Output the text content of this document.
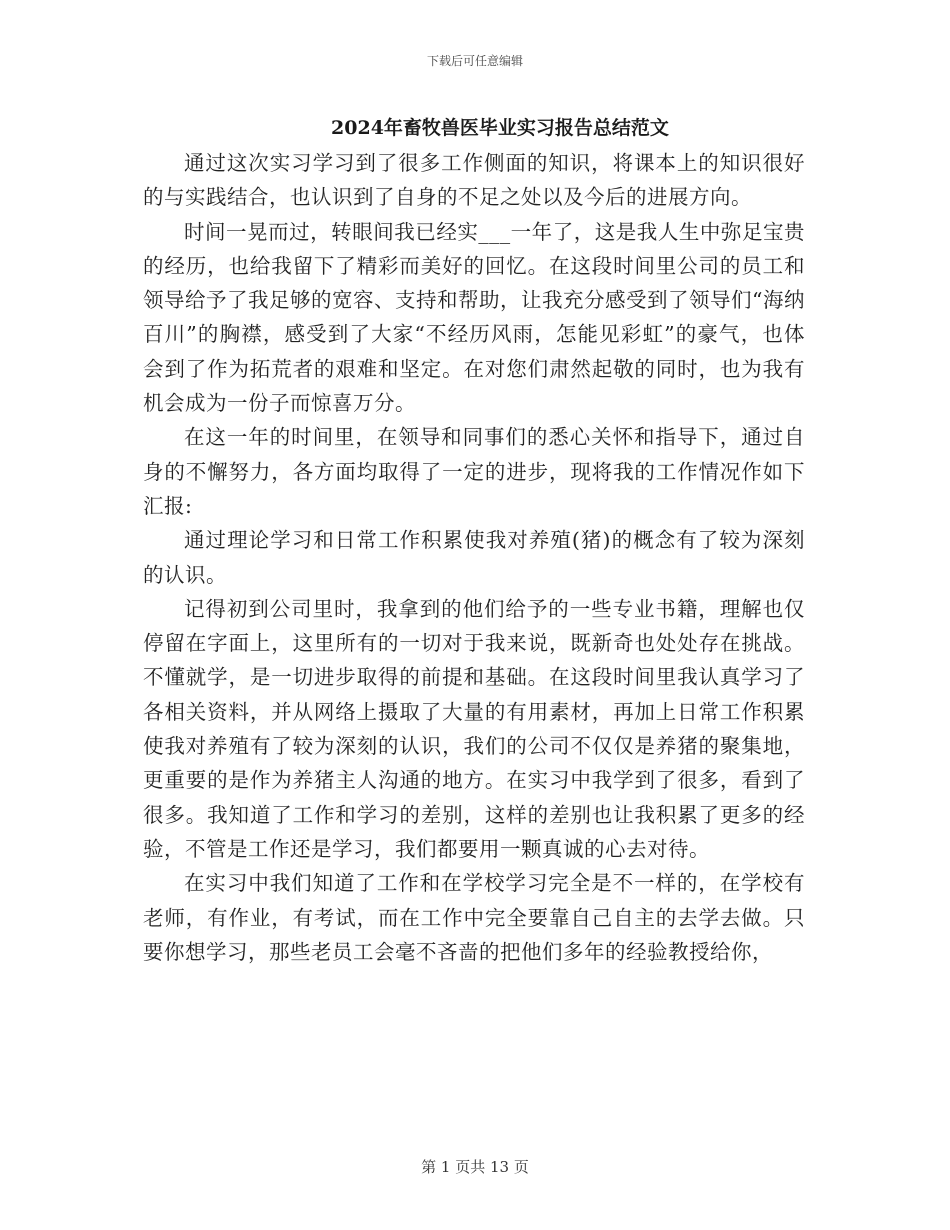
下载后可任意编辑
2024年畜牧兽医毕业实习报告总结范文

通过这次实习学习到了很多工作侧面的知识，将课本上的知识很好的与实践结合，也认识到了自身的不足之处以及今后的进展方向。

时间一晃而过，转眼间我已经实___一年了，这是我人生中弥足宝贵的经历，也给我留下了精彩而美好的回忆。在这段时间里公司的员工和领导给予了我足够的宽容、支持和帮助，让我充分感受到了领导们“海纳百川”的胸襟，感受到了大家“不经历风雨，怎能见彩虹”的豪气，也体会到了作为拓荒者的艰难和坚定。在对您们肃然起敬的同时，也为我有机会成为一份子而惊喜万分。

在这一年的时间里，在领导和同事们的悉心关怀和指导下，通过自身的不懈努力，各方面均取得了一定的进步，现将我的工作情况作如下汇报:

通过理论学习和日常工作积累使我对养殖(猪)的概念有了较为深刻的认识。

记得初到公司里时，我拿到的他们给予的一些专业书籍，理解也仅停留在字面上，这里所有的一切对于我来说，既新奇也处处存在挑战。不懂就学，是一切进步取得的前提和基础。在这段时间里我认真学习了各相关资料，并从网络上摄取了大量的有用素材，再加上日常工作积累使我对养殖有了较为深刻的认识，我们的公司不仅仅是养猪的聚集地，更重要的是作为养猪主人沟通的地方。在实习中我学到了很多，看到了很多。我知道了工作和学习的差别，这样的差别也让我积累了更多的经验，不管是工作还是学习，我们都要用一颗真诚的心去对待。

在实习中我们知道了工作和在学校学习完全是不一样的，在学校有老师，有作业，有考试，而在工作中完全要靠自己自主的去学去做。只要你想学习，那些老员工会毫不吝啬的把他们多年的经验教授给你，

第 1 页共 13 页
